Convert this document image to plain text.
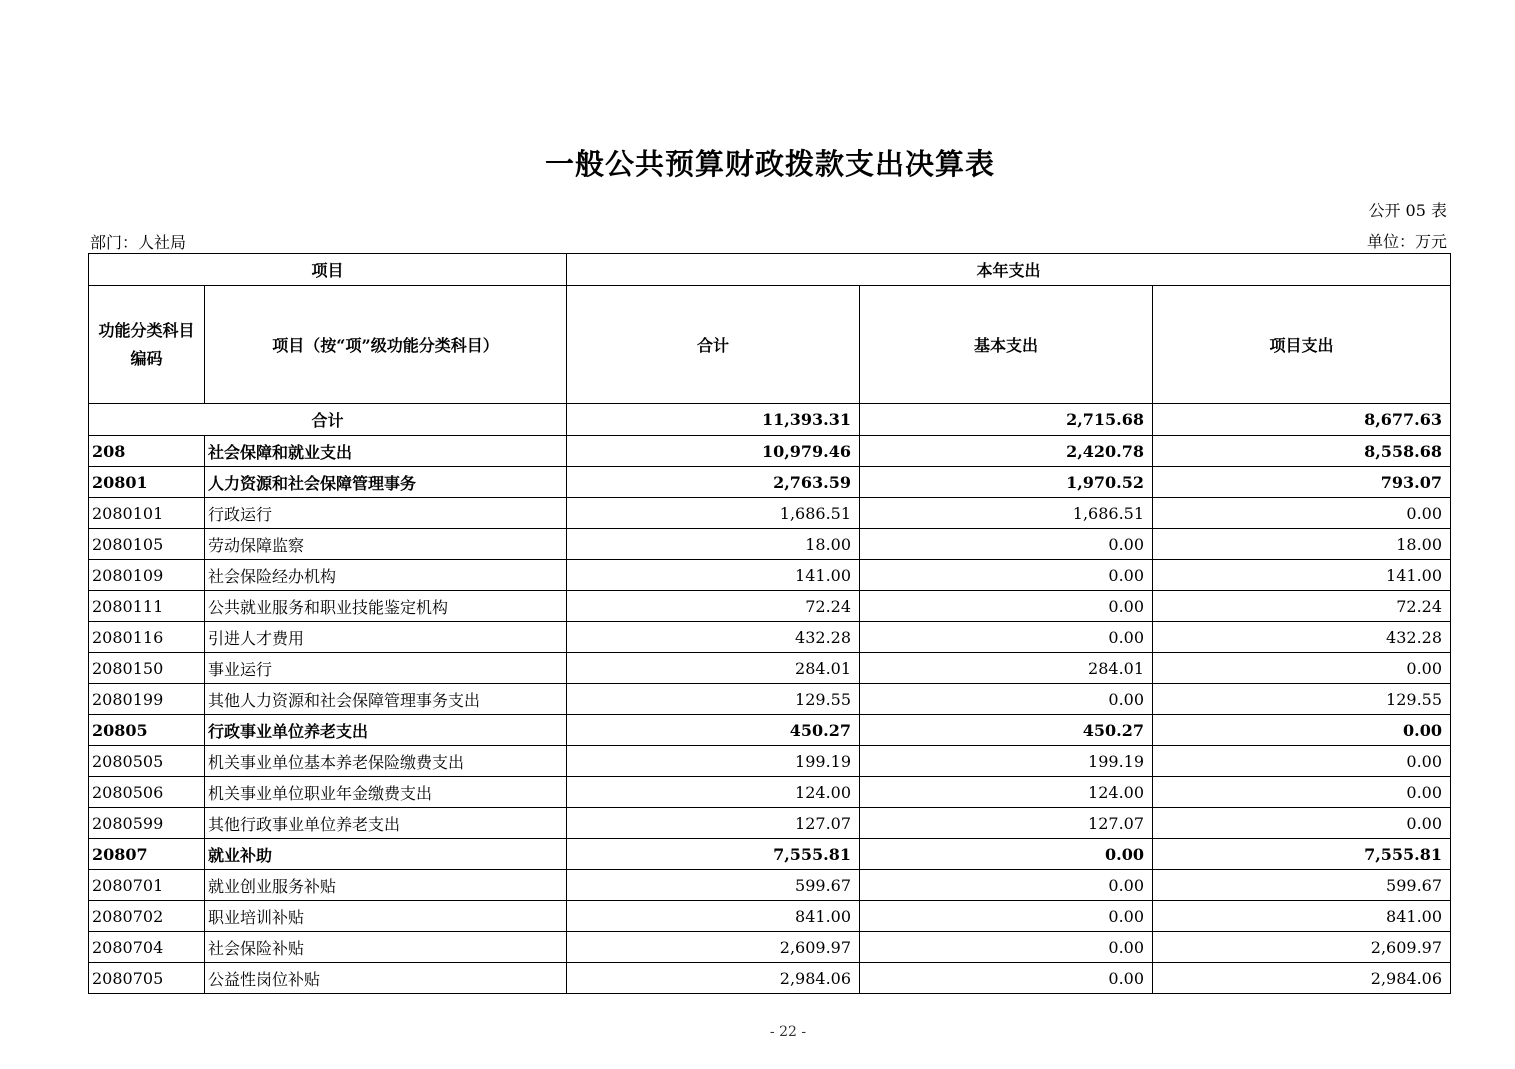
一般公共预算财政拨款支出决算表
公开 05 表
部门：人社局	单位：万元
项目		本年支出		
功能分类科目编码	项目（按“项”级功能分类科目）	合计	基本支出	项目支出
合计		11,393.31	2,715.68	8,677.63
208	社会保障和就业支出	10,979.46	2,420.78	8,558.68
20801	人力资源和社会保障管理事务	2,763.59	1,970.52	793.07
2080101	行政运行	1,686.51	1,686.51	0.00
2080105	劳动保障监察	18.00	0.00	18.00
2080109	社会保险经办机构	141.00	0.00	141.00
2080111	公共就业服务和职业技能鉴定机构	72.24	0.00	72.24
2080116	引进人才费用	432.28	0.00	432.28
2080150	事业运行	284.01	284.01	0.00
2080199	其他人力资源和社会保障管理事务支出	129.55	0.00	129.55
20805	行政事业单位养老支出	450.27	450.27	0.00
2080505	机关事业单位基本养老保险缴费支出	199.19	199.19	0.00
2080506	机关事业单位职业年金缴费支出	124.00	124.00	0.00
2080599	其他行政事业单位养老支出	127.07	127.07	0.00
20807	就业补助	7,555.81	0.00	7,555.81
2080701	就业创业服务补贴	599.67	0.00	599.67
2080702	职业培训补贴	841.00	0.00	841.00
2080704	社会保险补贴	2,609.97	0.00	2,609.97
2080705	公益性岗位补贴	2,984.06	0.00	2,984.06
- 22 -
